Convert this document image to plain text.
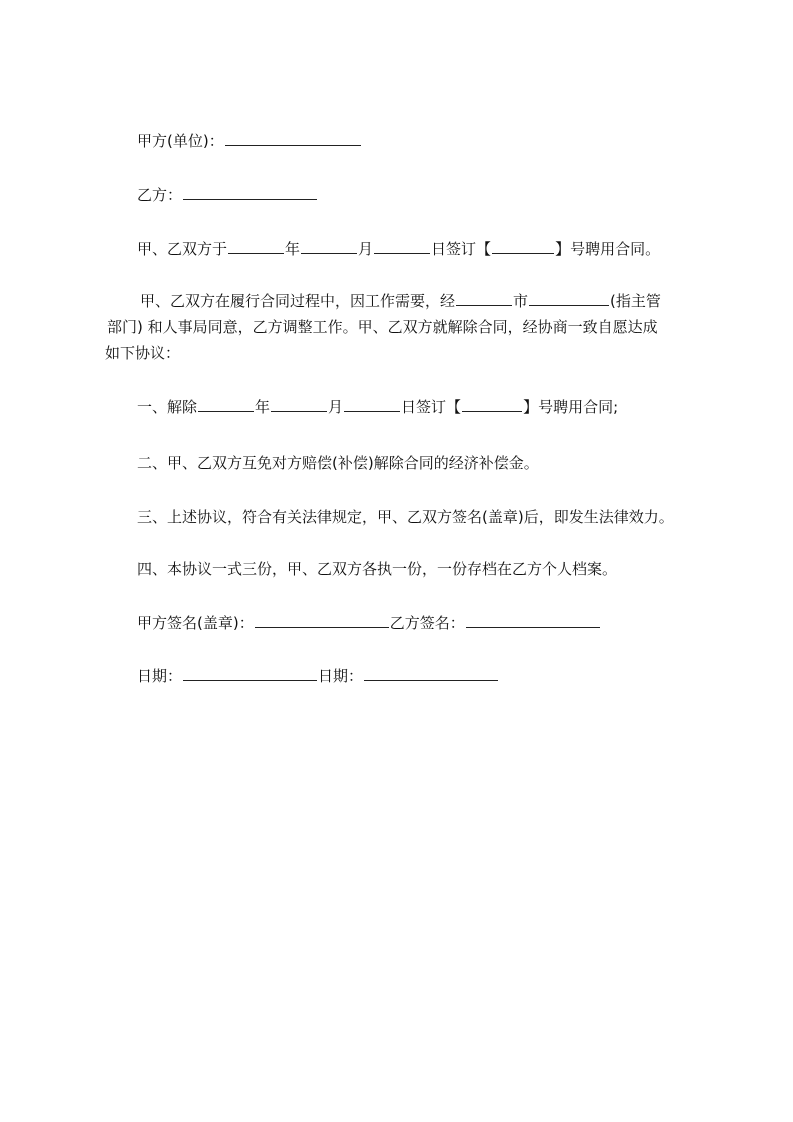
甲方(单位)：
乙方：
甲、乙双方于	年	月	日签订【	】号聘用合同。
甲、乙双方在履行合同过程中，因工作需要，经	市	(指主管
部门) 和人事局同意，乙方调整工作。甲、乙双方就解除合同，经协商一致自愿达成
如下协议：
一、解除	年	月	日签订【	】号聘用合同;
二、甲、乙双方互免对方赔偿(补偿)解除合同的经济补偿金。
三、上述协议，符合有关法律规定，甲、乙双方签名(盖章)后，即发生法律效力。
四、本协议一式三份，甲、乙双方各执一份，一份存档在乙方个人档案。
甲方签名(盖章)：	乙方签名：
日期：	日期：
